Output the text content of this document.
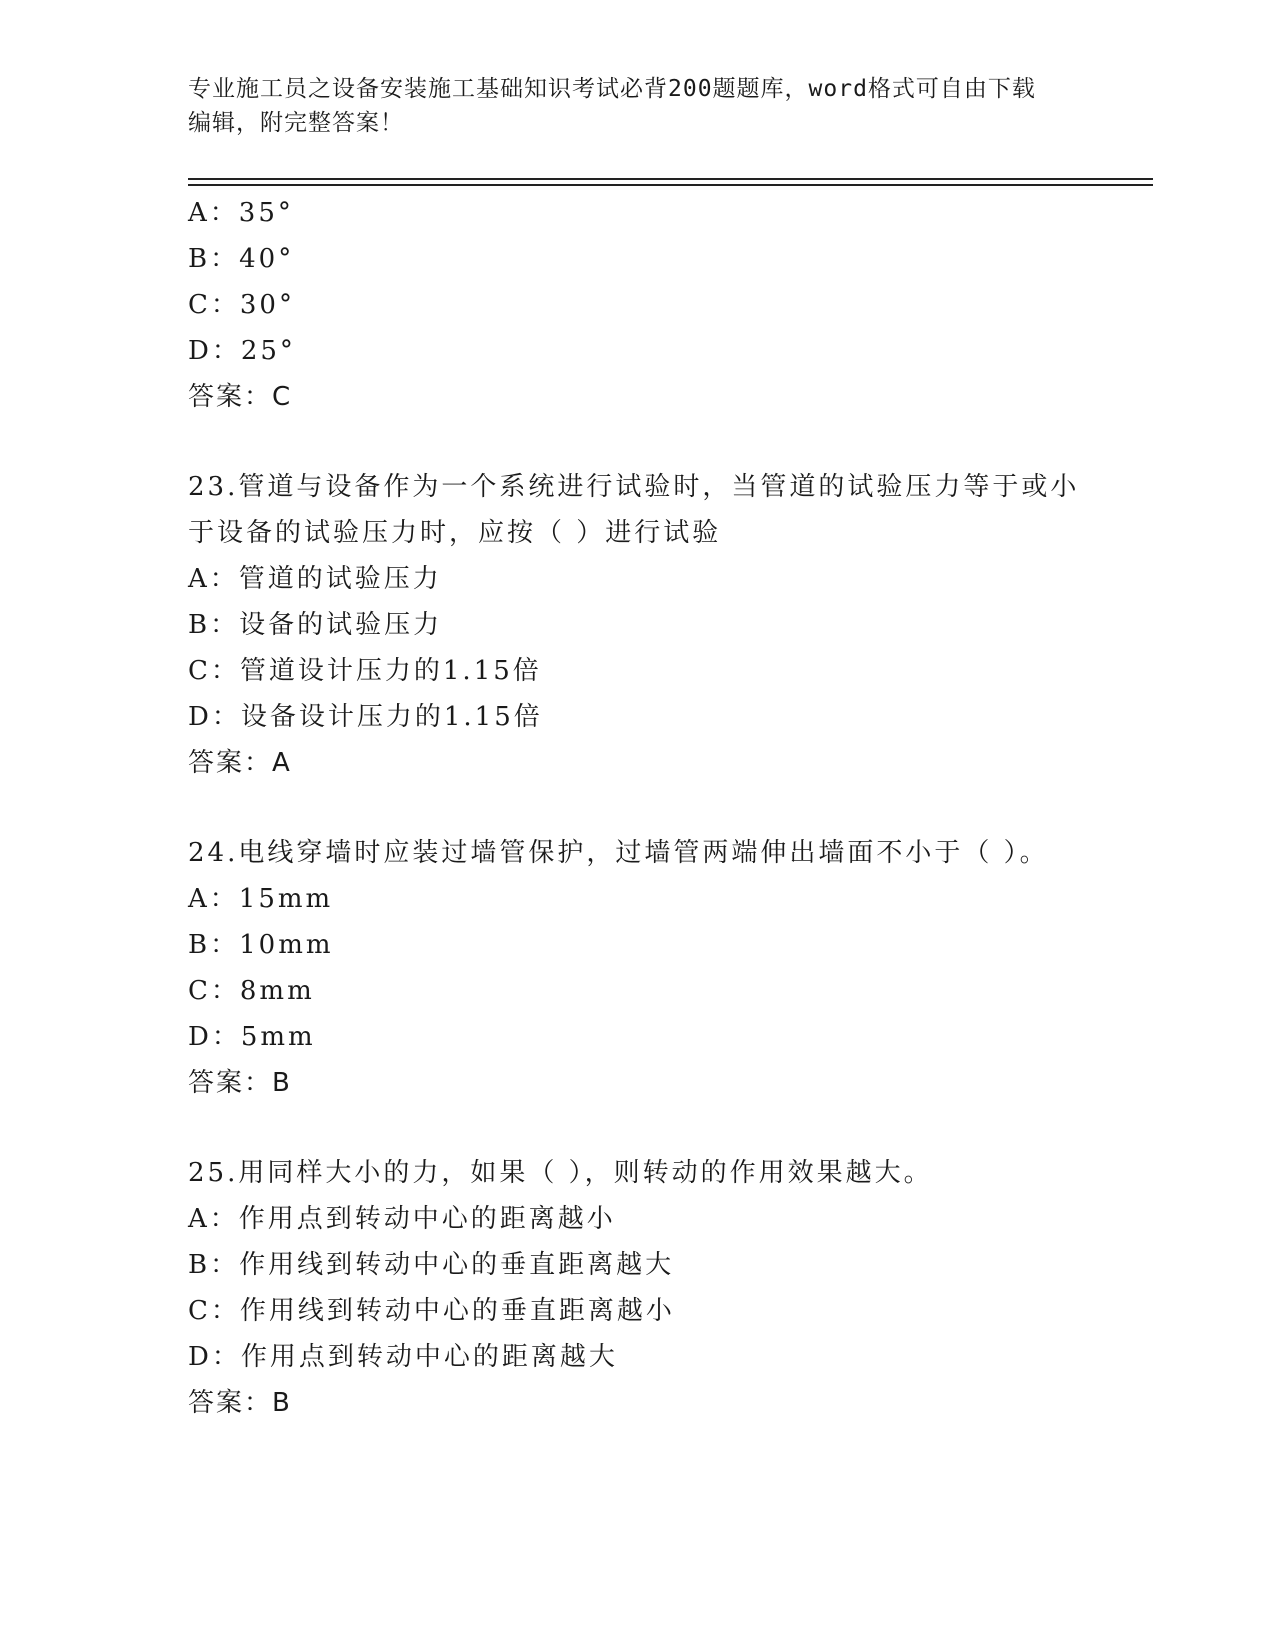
专业施工员之设备安装施工基础知识考试必背200题题库，word格式可自由下载
编辑，附完整答案！
A：35°
B：40°
C：30°
D：25°
答案：C
23.管道与设备作为一个系统进行试验时，当管道的试验压力等于或小
于设备的试验压力时，应按（ ）进行试验
A：管道的试验压力
B：设备的试验压力
C：管道设计压力的1.15倍
D：设备设计压力的1.15倍
答案：A
24.电线穿墙时应装过墙管保护，过墙管两端伸出墙面不小于（ ）。
A：15mm
B：10mm
C：8mm
D：5mm
答案：B
25.用同样大小的力，如果（ ），则转动的作用效果越大。
A：作用点到转动中心的距离越小
B：作用线到转动中心的垂直距离越大
C：作用线到转动中心的垂直距离越小
D：作用点到转动中心的距离越大
答案：B
